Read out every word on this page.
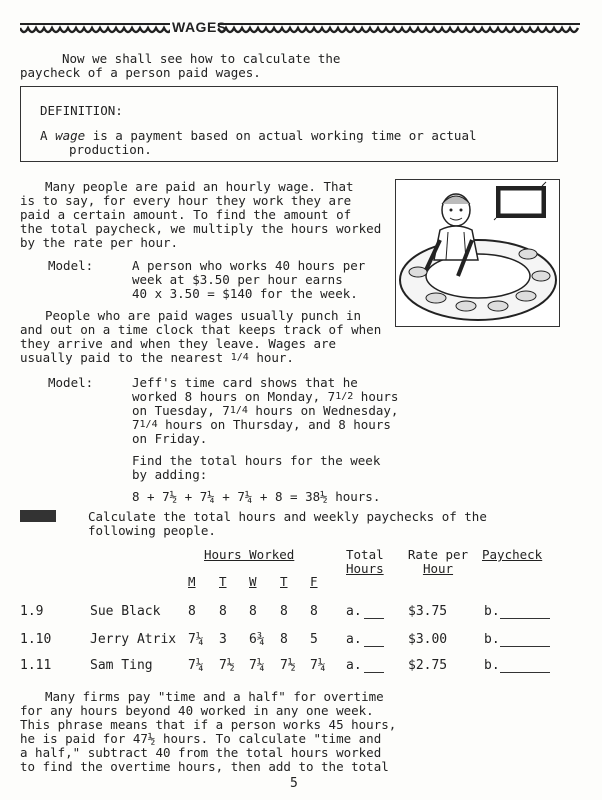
WAGES
Now we shall see how to calculate the
paycheck of a person paid wages.
DEFINITION:
A wage is a payment based on actual working time or actual
production.
Many people are paid an hourly wage. That
is to say, for every hour they work they are
paid a certain amount. To find the amount of
the total paycheck, we multiply the hours worked
by the rate per hour.
Model:	A person who works 40 hours per
week at $3.50 per hour earns
40 x 3.50 = $140 for the week.
People who are paid wages usually punch in
and out on a time clock that keeps track of when
they arrive and when they leave. Wages are
usually paid to the nearest 1/4 hour.
Model:	Jeff's time card shows that he
worked 8 hours on Monday, 71/2 hours
on Tuesday, 71/4 hours on Wednesday,
71/4 hours on Thursday, and 8 hours
on Friday.
Find the total hours for the week
by adding:
8 + 7½ + 7¼ + 7¼ + 8 = 38½ hours.
Calculate the total hours and weekly paychecks of the
following people.
Hours Worked	Total
Hours
Rate per
Hour
Paycheck
M T W T F
1.9	Sue Black 8 8 8 8 8 a.	$3.75	b.
1.10	Jerry Atrix 7¼ 3 6¾ 8 5 a.	$3.00	b.
1.11	Sam Ting	7¼ 7½ 7¼ 7½ 7¼ a.	$2.75	b.
Many firms pay "time and a half" for overtime
for any hours beyond 40 worked in any one week.
This phrase means that if a person works 45 hours,
he is paid for 47½ hours. To calculate "time and
a half," subtract 40 from the total hours worked
to find the overtime hours, then add to the total
5
